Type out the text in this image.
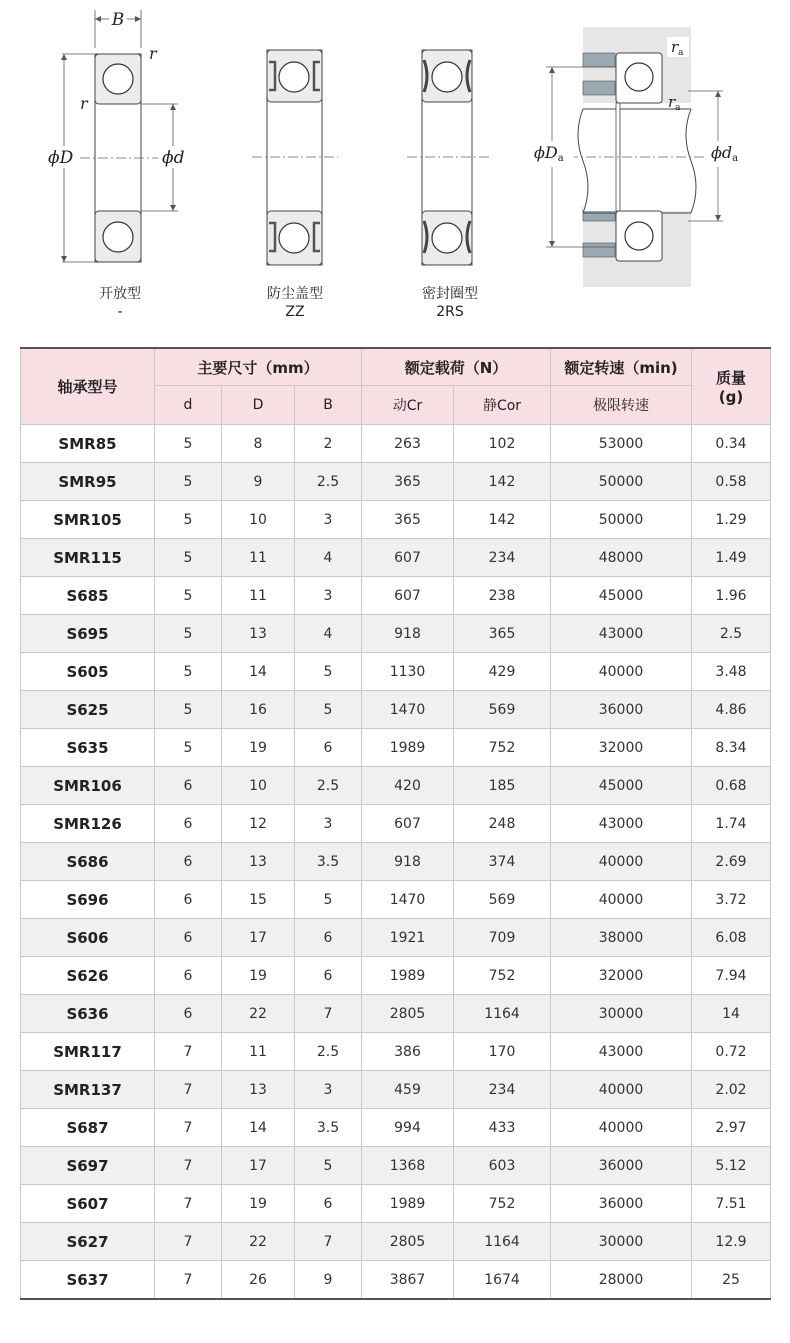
B
r
r
ϕD	ϕd
开放型
-
防尘盖型
ZZ
密封圈型
2RS
ϕDa	ϕda
$r_a$
$r_a$
轴承型号	主要尺寸（mm）			额定载荷（N）		额定转速（min)	质量
(g)

	d	D	B	动Cr	静Cor	极限转速	
SMR85	5	8	2	263	102	53000	0.34
SMR95	5	9	2.5	365	142	50000	0.58
SMR105	5	10	3	365	142	50000	1.29
SMR115	5	11	4	607	234	48000	1.49
S685	5	11	3	607	238	45000	1.96
S695	5	13	4	918	365	43000	2.5
S605	5	14	5	1130	429	40000	3.48
S625	5	16	5	1470	569	36000	4.86
S635	5	19	6	1989	752	32000	8.34
SMR106	6	10	2.5	420	185	45000	0.68
SMR126	6	12	3	607	248	43000	1.74
S686	6	13	3.5	918	374	40000	2.69
S696	6	15	5	1470	569	40000	3.72
S606	6	17	6	1921	709	38000	6.08
S626	6	19	6	1989	752	32000	7.94
S636	6	22	7	2805	1164	30000	14
SMR117	7	11	2.5	386	170	43000	0.72
SMR137	7	13	3	459	234	40000	2.02
S687	7	14	3.5	994	433	40000	2.97
S697	7	17	5	1368	603	36000	5.12
S607	7	19	6	1989	752	36000	7.51
S627	7	22	7	2805	1164	30000	12.9
S637	7	26	9	3867	1674	28000	25
